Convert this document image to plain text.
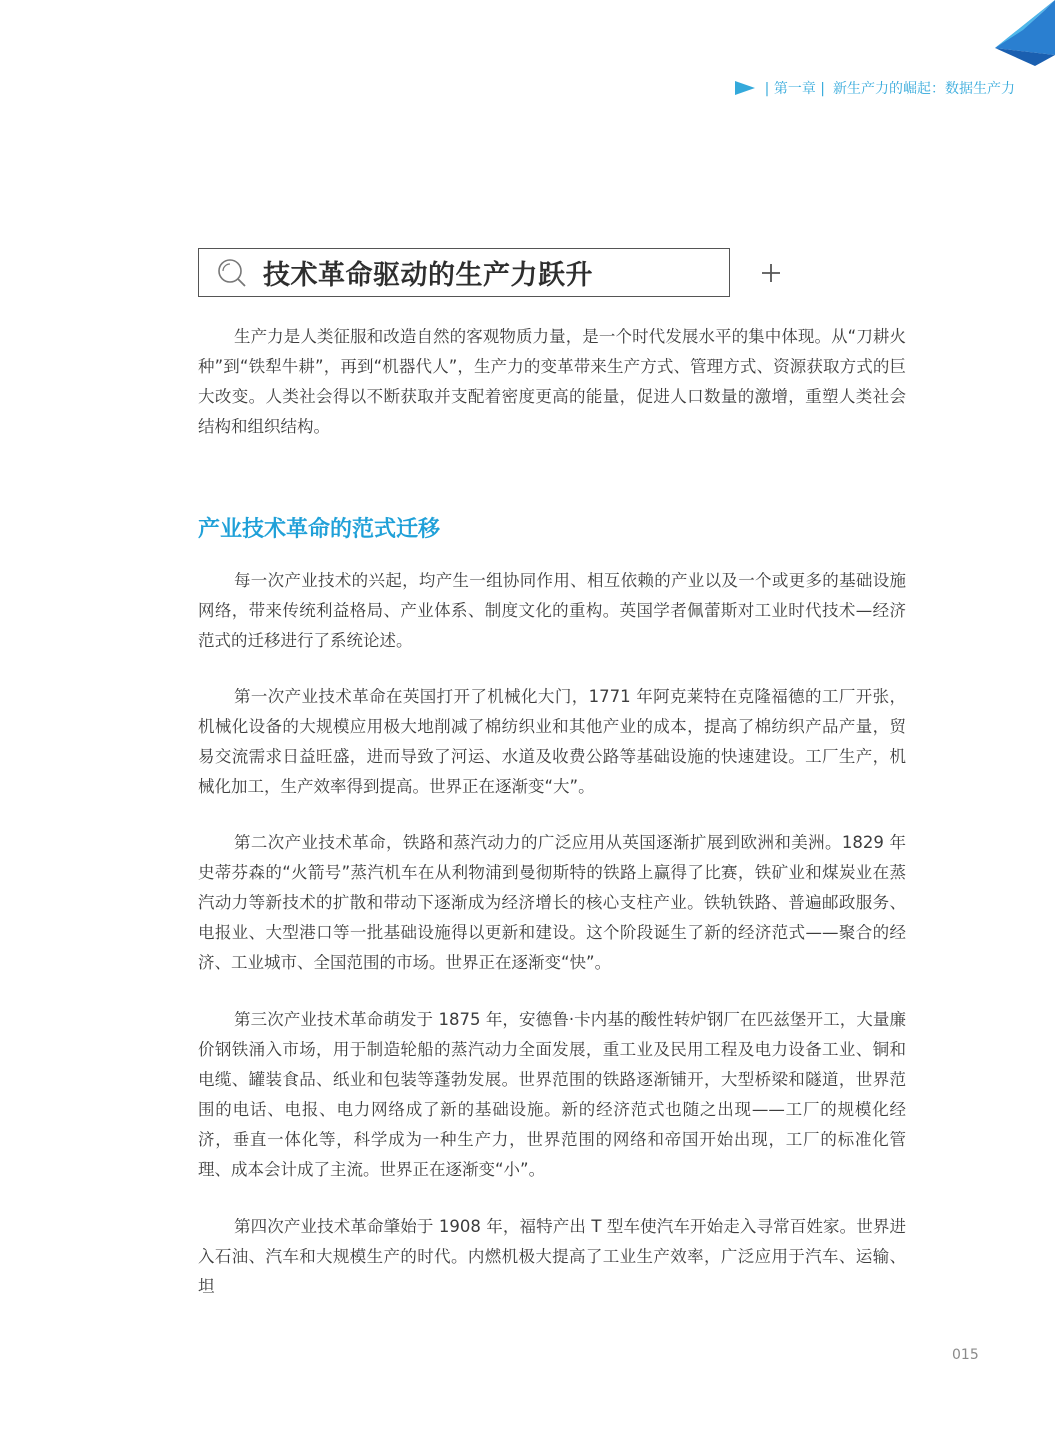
| 第一章 | 新生产力的崛起：数据生产力
技术革命驱动的生产力跃升

生产力是人类征服和改造自然的客观物质力量，是一个时代发展水平的集中体现。从“刀耕火种”到“铁犁牛耕”，再到“机器代人”，生产力的变革带来生产方式、管理方式、资源获取方式的巨大改变。人类社会得以不断获取并支配着密度更高的能量，促进人口数量的激增，重塑人类社会结构和组织结构。

产业技术革命的范式迁移

每一次产业技术的兴起，均产生一组协同作用、相互依赖的产业以及一个或更多的基础设施网络，带来传统利益格局、产业体系、制度文化的重构。英国学者佩蕾斯对工业时代技术—经济范式的迁移进行了系统论述。

第一次产业技术革命在英国打开了机械化大门，1771 年阿克莱特在克隆福德的工厂开张，机械化设备的大规模应用极大地削减了棉纺织业和其他产业的成本，提高了棉纺织产品产量，贸易交流需求日益旺盛，进而导致了河运、水道及收费公路等基础设施的快速建设。工厂生产，机械化加工，生产效率得到提高。世界正在逐渐变“大”。

第二次产业技术革命，铁路和蒸汽动力的广泛应用从英国逐渐扩展到欧洲和美洲。1829 年史蒂芬森的“火箭号”蒸汽机车在从利物浦到曼彻斯特的铁路上赢得了比赛，铁矿业和煤炭业在蒸汽动力等新技术的扩散和带动下逐渐成为经济增长的核心支柱产业。铁轨铁路、普遍邮政服务、电报业、大型港口等一批基础设施得以更新和建设。这个阶段诞生了新的经济范式——聚合的经济、工业城市、全国范围的市场。世界正在逐渐变“快”。

第三次产业技术革命萌发于 1875 年，安德鲁·卡内基的酸性转炉钢厂在匹兹堡开工，大量廉价钢铁涌入市场，用于制造轮船的蒸汽动力全面发展，重工业及民用工程及电力设备工业、铜和电缆、罐装食品、纸业和包装等蓬勃发展。世界范围的铁路逐渐铺开，大型桥梁和隧道，世界范围的电话、电报、电力网络成了新的基础设施。新的经济范式也随之出现——工厂的规模化经济，垂直一体化等，科学成为一种生产力，世界范围的网络和帝国开始出现，工厂的标准化管理、成本会计成了主流。世界正在逐渐变“小”。

第四次产业技术革命肇始于 1908 年，福特产出 T 型车使汽车开始走入寻常百姓家。世界进入石油、汽车和大规模生产的时代。内燃机极大提高了工业生产效率，广泛应用于汽车、运输、坦

015
